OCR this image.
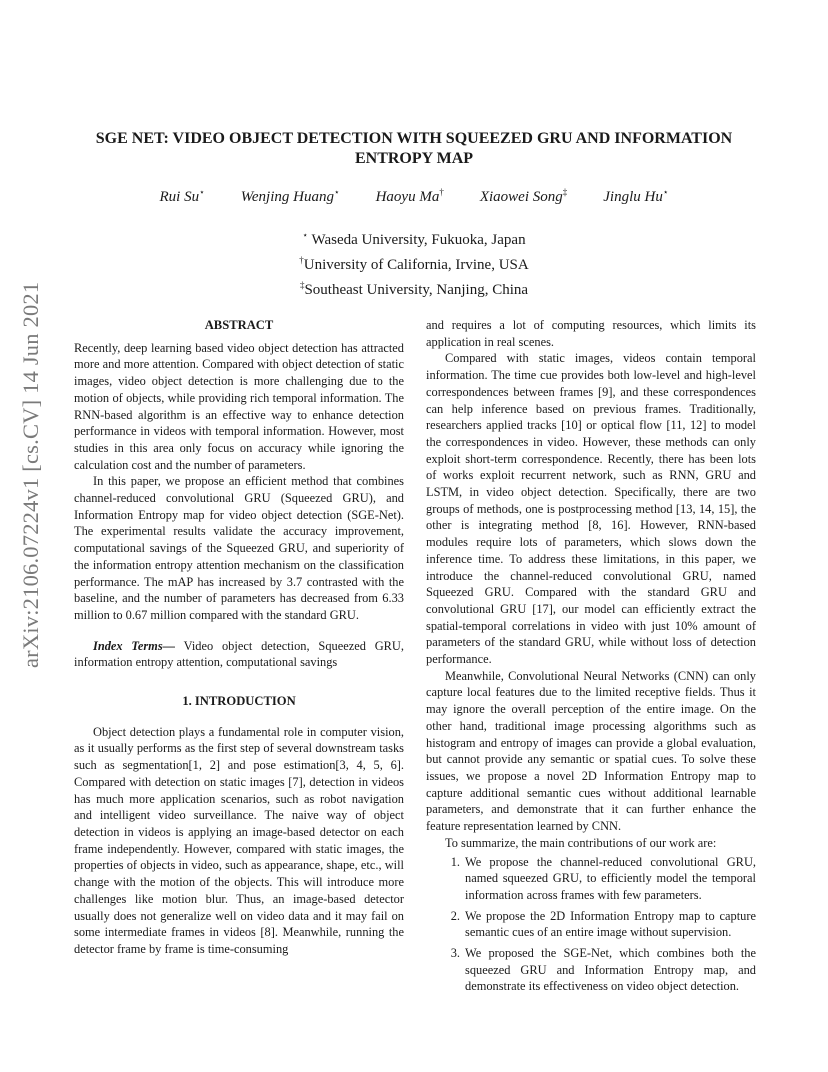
arXiv:2106.07224v1 [cs.CV] 14 Jun 2021
SGE NET: VIDEO OBJECT DETECTION WITH SQUEEZED GRU AND INFORMATION
ENTROPY MAP
Rui Su⋆ Wenjing Huang⋆ Haoyu Ma† Xiaowei Song‡ Jinglu Hu⋆
⋆ Waseda University, Fukuoka, Japan
†University of California, Irvine, USA
‡Southeast University, Nanjing, China
ABSTRACT

Recently, deep learning based video object detection has attracted more and more attention. Compared with object detection of static images, video object detection is more challenging due to the motion of objects, while providing rich temporal information. The RNN-based algorithm is an effective way to enhance detection performance in videos with temporal information. However, most studies in this area only focus on accuracy while ignoring the calculation cost and the number of parameters.

In this paper, we propose an efficient method that combines channel-reduced convolutional GRU (Squeezed GRU), and Information Entropy map for video object detection (SGE-Net). The experimental results validate the accuracy improvement, computational savings of the Squeezed GRU, and superiority of the information entropy attention mechanism on the classification performance. The mAP has increased by 3.7 contrasted with the baseline, and the number of parameters has decreased from 6.33 million to 0.67 million compared with the standard GRU.

Index Terms— Video object detection, Squeezed GRU, information entropy attention, computational savings

1. INTRODUCTION

Object detection plays a fundamental role in computer vision, as it usually performs as the first step of several downstream tasks such as segmentation[1, 2] and pose estimation[3, 4, 5, 6]. Compared with detection on static images [7], detection in videos has much more application scenarios, such as robot navigation and intelligent video surveillance. The naive way of object detection in videos is applying an image-based detector on each frame independently. However, compared with static images, the properties of objects in video, such as appearance, shape, etc., will change with the motion of the objects. This will introduce more challenges like motion blur. Thus, an image-based detector usually does not generalize well on video data and it may fail on some intermediate frames in videos [8]. Meanwhile, running the detector frame by frame is time-consuming

and requires a lot of computing resources, which limits its application in real scenes.

Compared with static images, videos contain temporal information. The time cue provides both low-level and high-level correspondences between frames [9], and these correspondences can help inference based on previous frames. Traditionally, researchers applied tracks [10] or optical flow [11, 12] to model the correspondences in video. However, these methods can only exploit short-term correspondence. Recently, there has been lots of works exploit recurrent network, such as RNN, GRU and LSTM, in video object detection. Specifically, there are two groups of methods, one is postprocessing method [13, 14, 15], the other is integrating method [8, 16]. However, RNN-based modules require lots of parameters, which slows down the inference time. To address these limitations, in this paper, we introduce the channel-reduced convolutional GRU, named Squeezed GRU. Compared with the standard GRU and convolutional GRU [17], our model can efficiently extract the spatial-temporal correlations in video with just 10% amount of parameters of the standard GRU, while without loss of detection performance.

Meanwhile, Convolutional Neural Networks (CNN) can only capture local features due to the limited receptive fields. Thus it may ignore the overall perception of the entire image. On the other hand, traditional image processing algorithms such as histogram and entropy of images can provide a global evaluation, but cannot provide any semantic or spatial cues. To solve these issues, we propose a novel 2D Information Entropy map to capture additional semantic cues without additional learnable parameters, and demonstrate that it can further enhance the feature representation learned by CNN.

To summarize, the main contributions of our work are:

1. We propose the channel-reduced convolutional GRU, named squeezed GRU, to efficiently model the temporal information across frames with few parameters.
2. We propose the 2D Information Entropy map to capture semantic cues of an entire image without supervision.
3. We proposed the SGE-Net, which combines both the squeezed GRU and Information Entropy map, and demonstrate its effectiveness on video object detection.
